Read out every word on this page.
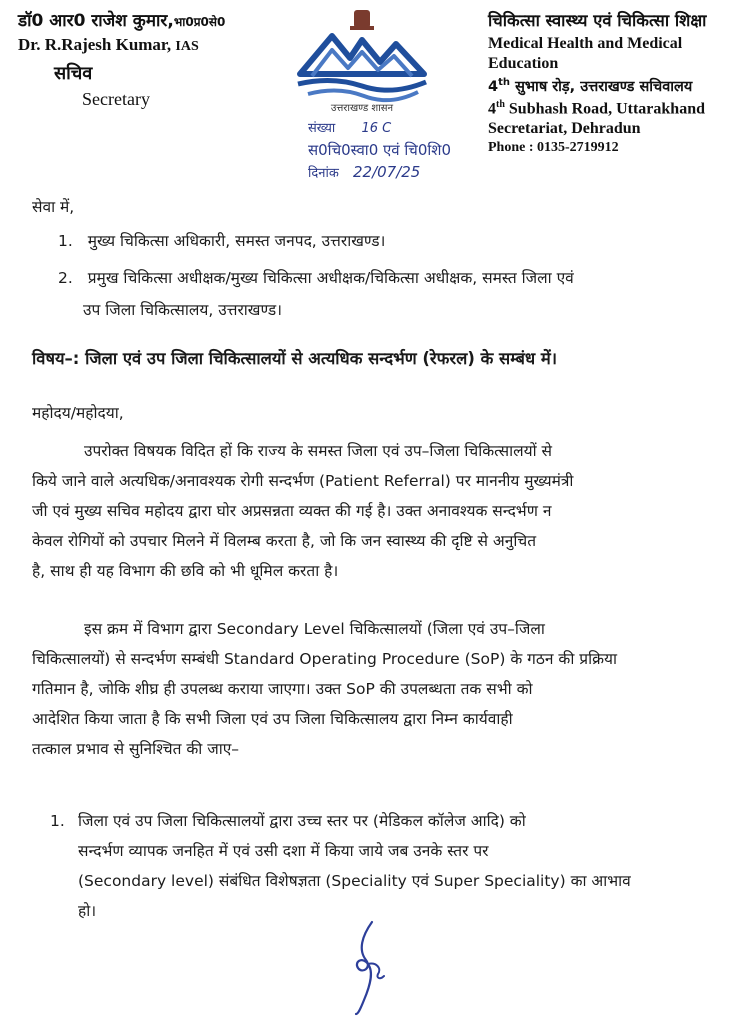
डॉ0 आर0 राजेश कुमार,भा0प्र0से0
Dr. R.Rajesh Kumar, IAS
सचिव
Secretary	उत्तराखण्ड शासन
चिकित्सा स्वास्थ्य एवं चिकित्सा शिक्षा
Medical Health and Medical
Education
4th सुभाष रोड़, उत्तराखण्ड सचिवालय
4th Subhash Road, Uttarakhand
Secretariat, Dehradun
Phone : 0135-2719912
संख्या 16 C
स0चि0स्वा0 एवं चि0शि0
दिनांक 22/07/25
सेवा में,
1. मुख्य चिकित्सा अधिकारी, समस्त जनपद, उत्तराखण्ड।
2. प्रमुख चिकित्सा अधीक्षक/मुख्य चिकित्सा अधीक्षक/चिकित्सा अधीक्षक, समस्त जिला एवं
उप जिला चिकित्सालय, उत्तराखण्ड।
विषय–: जिला एवं उप जिला चिकित्सालयों से अत्यधिक सन्दर्भण (रेफरल) के सम्बंध में।
महोदय/महोदया,
उपरोक्त विषयक विदित हों कि राज्य के समस्त जिला एवं उप–जिला चिकित्सालयों से
किये जाने वाले अत्यधिक/अनावश्यक रोगी सन्दर्भण (Patient Referral) पर माननीय मुख्यमंत्री
जी एवं मुख्य सचिव महोदय द्वारा घोर अप्रसन्नता व्यक्त की गई है। उक्त अनावश्यक सन्दर्भण न
केवल रोगियों को उपचार मिलने में विलम्ब करता है, जो कि जन स्वास्थ्य की दृष्टि से अनुचित
है, साथ ही यह विभाग की छवि को भी धूमिल करता है।
इस क्रम में विभाग द्वारा Secondary Level चिकित्सालयों (जिला एवं उप–जिला
चिकित्सालयों) से सन्दर्भण सम्बंधी Standard Operating Procedure (SoP) के गठन की प्रक्रिया
गतिमान है, जोकि शीघ्र ही उपलब्ध कराया जाएगा। उक्त SoP की उपलब्धता तक सभी को
आदेशित किया जाता है कि सभी जिला एवं उप जिला चिकित्सालय द्वारा निम्न कार्यवाही
तत्काल प्रभाव से सुनिश्चित की जाए–
1. जिला एवं उप जिला चिकित्सालयों द्वारा उच्च स्तर पर (मेडिकल कॉलेज आदि) को
सन्दर्भण व्यापक जनहित में एवं उसी दशा में किया जाये जब उनके स्तर पर
(Secondary level) संबंधित विशेषज्ञता (Speciality एवं Super Speciality) का आभाव
हो।
